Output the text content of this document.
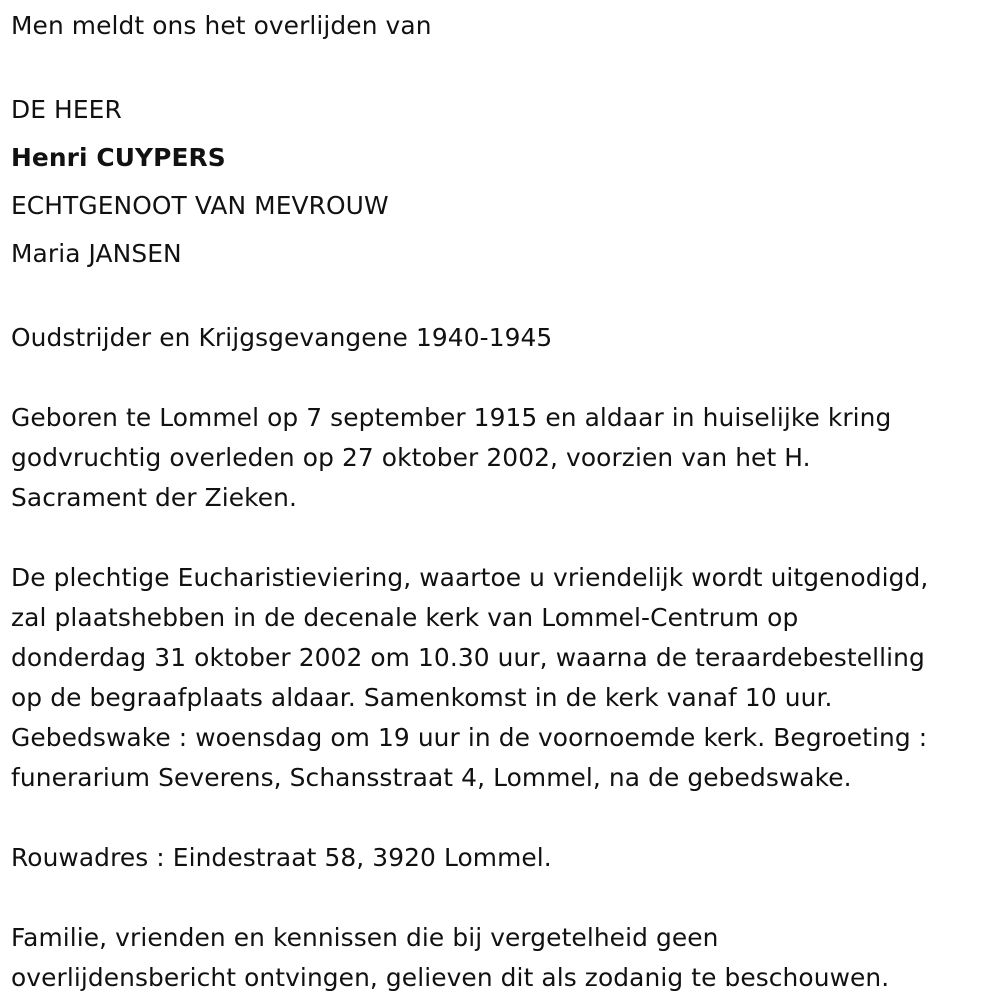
Men meldt ons het overlijden van
DE HEER
Henri CUYPERS
ECHTGENOOT VAN MEVROUW
Maria JANSEN
Oudstrijder en Krijgsgevangene 1940-1945
Geboren te Lommel op 7 september 1915 en aldaar in huiselijke kring
godvruchtig overleden op 27 oktober 2002, voorzien van het H.
Sacrament der Zieken.
De plechtige Eucharistieviering, waartoe u vriendelijk wordt uitgenodigd,
zal plaatshebben in de decenale kerk van Lommel-Centrum op
donderdag 31 oktober 2002 om 10.30 uur, waarna de teraardebestelling
op de begraafplaats aldaar. Samenkomst in de kerk vanaf 10 uur.
Gebedswake : woensdag om 19 uur in de voornoemde kerk. Begroeting :
funerarium Severens, Schansstraat 4, Lommel, na de gebedswake.
Rouwadres : Eindestraat 58, 3920 Lommel.
Familie, vrienden en kennissen die bij vergetelheid geen
overlijdensbericht ontvingen, gelieven dit als zodanig te beschouwen.
